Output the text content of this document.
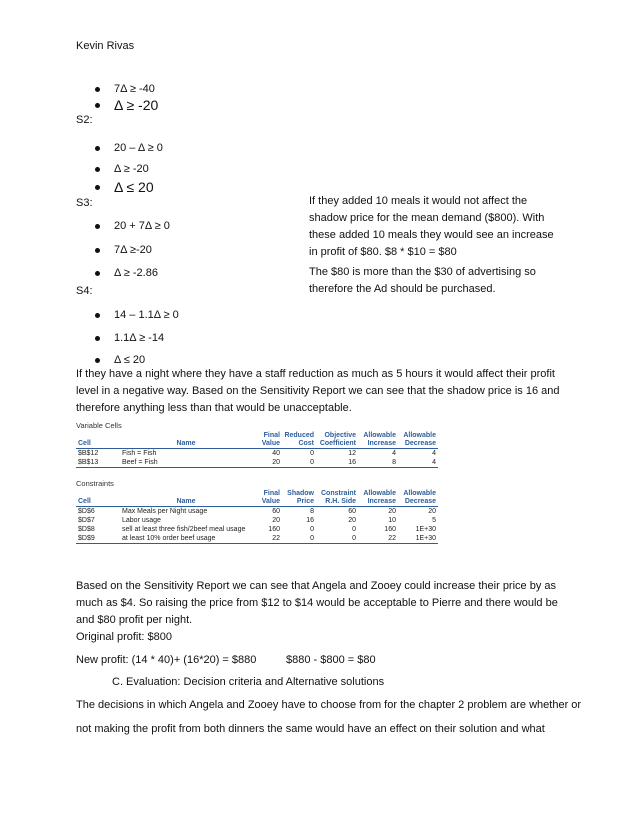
Kevin Rivas
7Δ ≥ -40
Δ ≥ -20
S2:
20 – Δ ≥ 0
Δ ≥ -20
Δ ≤ 20
S3:
20 + 7Δ ≥ 0
7Δ ≥-20
Δ ≥ -2.86
S4:
14 – 1.1Δ ≥ 0
1.1Δ ≥ -14
Δ ≤ 20
If they added 10 meals it would not affect the shadow price for the mean demand ($800). With these added 10 meals they would see an increase in profit of $80. $8 * $10 = $80
The $80 is more than the $30 of advertising so therefore the Ad should be purchased.
If they have a night where they have a staff reduction as much as 5 hours it would affect their profit level in a negative way. Based on the Sensitivity Report we can see that the shadow price is 16 and therefore anything less than that would be unacceptable.
Variable Cells
		Final	Reduced	Objective	Allowable	Allowable
Cell	Name	Value	Cost	Coefficient	Increase	Decrease
$B$12	Fish = Fish	40	0	12	4	4
$B$13	Beef = Fish	20	0	16	8	4
Constraints
		Final	Shadow	Constraint	Allowable	Allowable
Cell	Name	Value	Price	R.H. Side	Increase	Decrease
$D$6	Max Meals per Night usage	60	8	60	20	20
$D$7	Labor usage	20	16	20	10	5
$D$8	sell at least three fish/2beef meal usage	160	0	0	160	1E+30
$D$9	at least 10% order beef usage	22	0	0	22	1E+30
Based on the Sensitivity Report we can see that Angela and Zooey could increase their price by as much as $4. So raising the price from $12 to $14 would be acceptable to Pierre and there would be and $80 profit per night.
Original profit: $800
New profit: (14 * 40)+ (16*20) = $880	$880 - $800 = $80
C. Evaluation: Decision criteria and Alternative solutions
The decisions in which Angela and Zooey have to choose from for the chapter 2 problem are whether or
not making the profit from both dinners the same would have an effect on their solution and what
